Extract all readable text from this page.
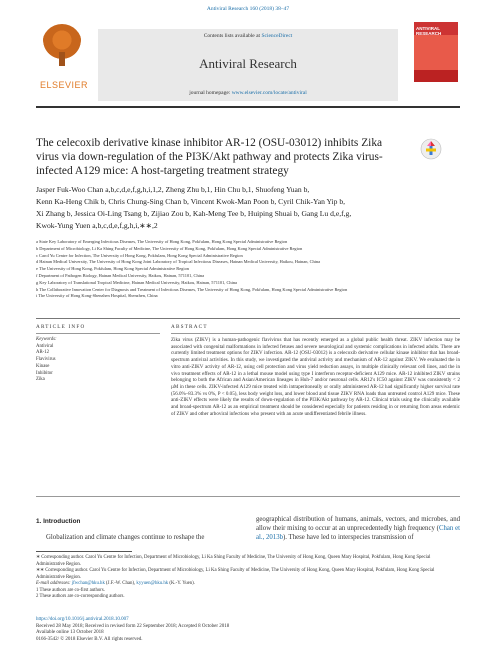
Antiviral Research 160 (2018) 38–47
ELSEVIER
Contents lists available at ScienceDirect
Antiviral Research
journal homepage: www.elsevier.com/locate/antiviral
ANTIVIRAL RESEARCH
The celecoxib derivative kinase inhibitor AR-12 (OSU-03012) inhibits Zika virus via down-regulation of the PI3K/Akt pathway and protects Zika virus-infected A129 mice: A host-targeting treatment strategy
Jasper Fuk-Woo Chan a,b,c,d,e,f,g,h,i,1,2, Zheng Zhu b,1, Hin Chu b,1, Shuofeng Yuan b,
Kenn Ka-Heng Chik b, Chris Chung-Sing Chan b, Vincent Kwok-Man Poon b, Cyril Chik-Yan Yip b,
Xi Zhang b, Jessica Oi-Ling Tsang b, Zijiao Zou b, Kah-Meng Tee b, Huiping Shuai b, Gang Lu d,e,f,g,
Kwok-Yung Yuen a,b,c,d,e,f,g,h,i,∗∗,2
a State Key Laboratory of Emerging Infectious Diseases, The University of Hong Kong, Pokfulam, Hong Kong Special Administrative Region
b Department of Microbiology, Li Ka Shing Faculty of Medicine, The University of Hong Kong, Pokfulam, Hong Kong Special Administrative Region
c Carol Yu Centre for Infection, The University of Hong Kong, Pokfulam, Hong Kong Special Administrative Region
d Hainan Medical University, The University of Hong Kong Joint Laboratory of Tropical Infectious Diseases, Hainan Medical University, Haikou, Hainan, China
e The University of Hong Kong, Pokfulam, Hong Kong Special Administrative Region
f Department of Pathogen Biology, Hainan Medical University, Haikou, Hainan, 571101, China
g Key Laboratory of Translational Tropical Medicine, Hainan Medical University, Haikou, Hainan, 571101, China
h The Collaborative Innovation Center for Diagnosis and Treatment of Infectious Diseases, The University of Hong Kong, Pokfulam, Hong Kong Special Administrative Region
i The University of Hong Kong-Shenzhen Hospital, Shenzhen, China
ARTICLE INFO	ABSTRACT
Keywords:
Antiviral
AR-12
Flavivirus
Kinase
Inhibitor
Zika
Zika virus (ZIKV) is a human-pathogenic flavivirus that has recently emerged as a global public health threat. ZIKV infection may be associated with congenital malformations in infected fetuses and severe neurological and systemic complications in infected adults. There are currently limited treatment options for ZIKV infection. AR-12 (OSU-03012) is a celecoxib derivative cellular kinase inhibitor that has broad-spectrum antiviral activities. In this study, we investigated the antiviral activity and mechanism of AR-12 against ZIKV. We evaluated the in vitro anti-ZIKV activity of AR-12, using cell protection and virus yield reduction assays, in multiple clinically relevant cell lines, and the in vivo treatment effects of AR-12 in a lethal mouse model using type I interferon receptor-deficient A129 mice. AR-12 inhibited ZIKV strains belonging to both the African and Asian/American lineages in Huh-7 and/or neuronal cells. AR12's IC50 against ZIKV was consistently < 2 µM in these cells. ZIKV-infected A129 mice treated with intraperitoneally or orally administered AR-12 had significantly higher survival rate (56.0%–83.3% vs 0%, P < 0.05), less body weight loss, and lower blood and tissue ZIKV RNA loads than untreated control A129 mice. These anti-ZIKV effects were likely the results of down-regulation of the PI3K/Akt pathway by AR-12. Clinical trials using the clinically available and broad-spectrum AR-12 as an empirical treatment should be considered especially for patients residing in or returning from areas endemic of ZIKV and other arboviral infections who present with an acute undifferentiated febrile illness.
1. Introduction
Globalization and climate changes continue to reshape the
geographical distribution of humans, animals, vectors, and microbes, and allow their mixing to occur at an unprecedentedly high frequency (Chan et al., 2013b). These have led to interspecies transmission of
∗ Corresponding author. Carol Yu Centre for Infection, Department of Microbiology, Li Ka Shing Faculty of Medicine, The University of Hong Kong, Queen Mary Hospital, Pokfulam, Hong Kong Special Administrative Region.
∗∗ Corresponding author. Carol Yu Centre for Infection, Department of Microbiology, Li Ka Shing Faculty of Medicine, The University of Hong Kong, Queen Mary Hospital, Pokfulam, Hong Kong Special Administrative Region.
E-mail addresses: jfwchan@hku.hk (J.F.-W. Chan), kyyuen@hku.hk (K.-Y. Yuen).
1 These authors are co-first authors.
2 These authors are co-corresponding authors.
https://doi.org/10.1016/j.antiviral.2018.10.007
Received 28 May 2018; Received in revised form 22 September 2018; Accepted 8 October 2018
Available online 13 October 2018
0166-3542/ © 2018 Elsevier B.V. All rights reserved.
